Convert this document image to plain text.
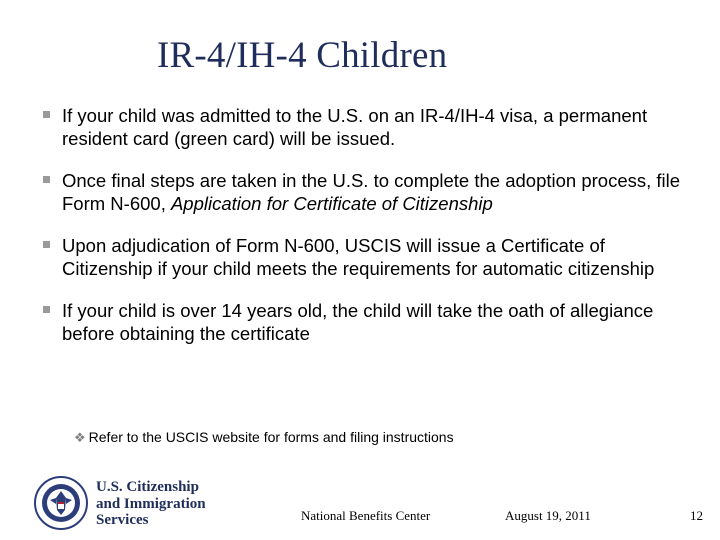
IR-4/IH-4 Children
If your child was admitted to the U.S. on an IR-4/IH-4 visa, a permanent resident card (green card) will be issued.
Once final steps are taken in the U.S. to complete the adoption process, file Form N-600, Application for Certificate of Citizenship
Upon adjudication of Form N-600, USCIS will issue a Certificate of Citizenship if your child meets the requirements for automatic citizenship
If your child is over 14 years old, the child will take the oath of allegiance before obtaining the certificate
❖ Refer to the USCIS website for forms and filing instructions
U.S. Citizenship
and Immigration
Services	National Benefits Center	August 19, 2011	12
